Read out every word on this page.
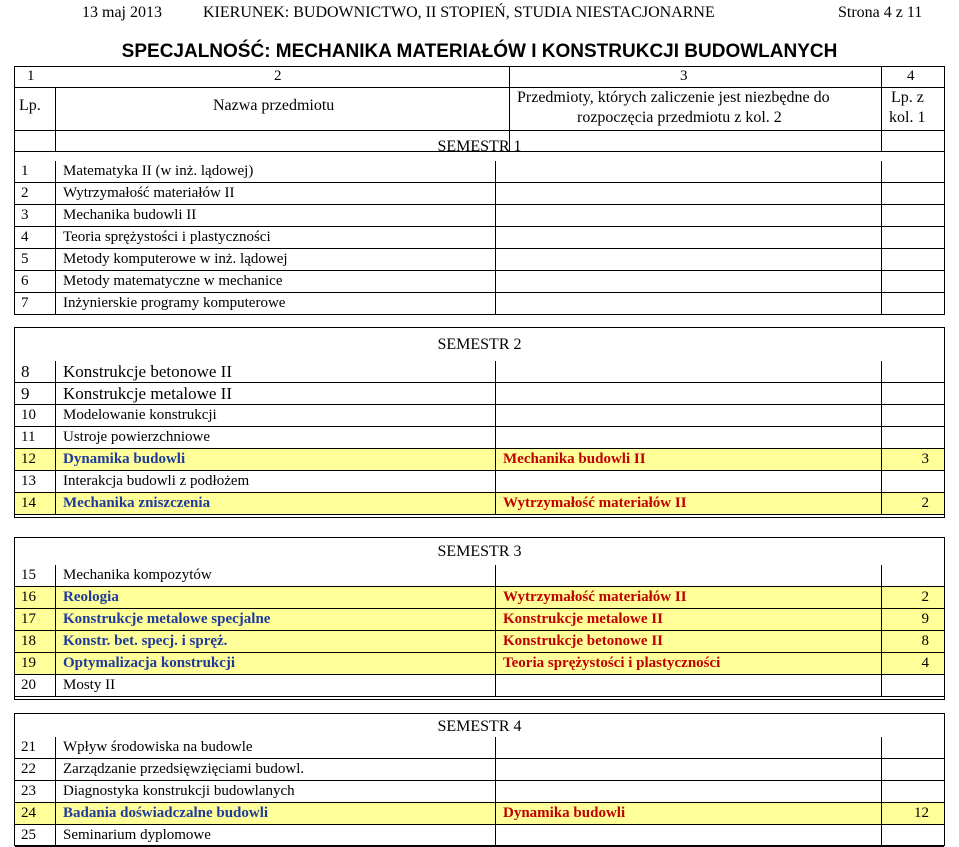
13 maj 2013	KIERUNEK: BUDOWNICTWO, II STOPIEŃ, STUDIA NIESTACJONARNE	Strona 4 z 11
SPECJALNOŚĆ: MECHANIKA MATERIAŁÓW I KONSTRUKCJI BUDOWLANYCH
1	2	3	4
Lp.	Nazwa przedmiotu	Przedmioty, których zaliczenie jest niezbędne do
rozpoczęcia przedmiotu z kol. 2
Lp. z
kol. 1
SEMESTR 1
1 Matematyka II (w inż. lądowej)
2 Wytrzymałość materiałów II
3 Mechanika budowli II
4 Teoria sprężystości i plastyczności
5 Metody komputerowe w inż. lądowej
6 Metody matematyczne w mechanice
7 Inżynierskie programy komputerowe
SEMESTR 2
8 Konstrukcje betonowe II
9 Konstrukcje metalowe II
10 Modelowanie konstrukcji
11 Ustroje powierzchniowe
12 Dynamika budowli	Mechanika budowli II	3
13 Interakcja budowli z podłożem
14 Mechanika zniszczenia	Wytrzymałość materiałów II	2
SEMESTR 3
15 Mechanika kompozytów
16 Reologia	Wytrzymałość materiałów II	2
17 Konstrukcje metalowe specjalne	Konstrukcje metalowe II	9
18 Konstr. bet. specj. i spręż.	Konstrukcje betonowe II	8
19 Optymalizacja konstrukcji	Teoria sprężystości i plastyczności	4
20 Mosty II
SEMESTR 4
21 Wpływ środowiska na budowle
22 Zarządzanie przedsięwzięciami budowl.
23 Diagnostyka konstrukcji budowlanych
24 Badania doświadczalne budowli	Dynamika budowli	12
25 Seminarium dyplomowe
